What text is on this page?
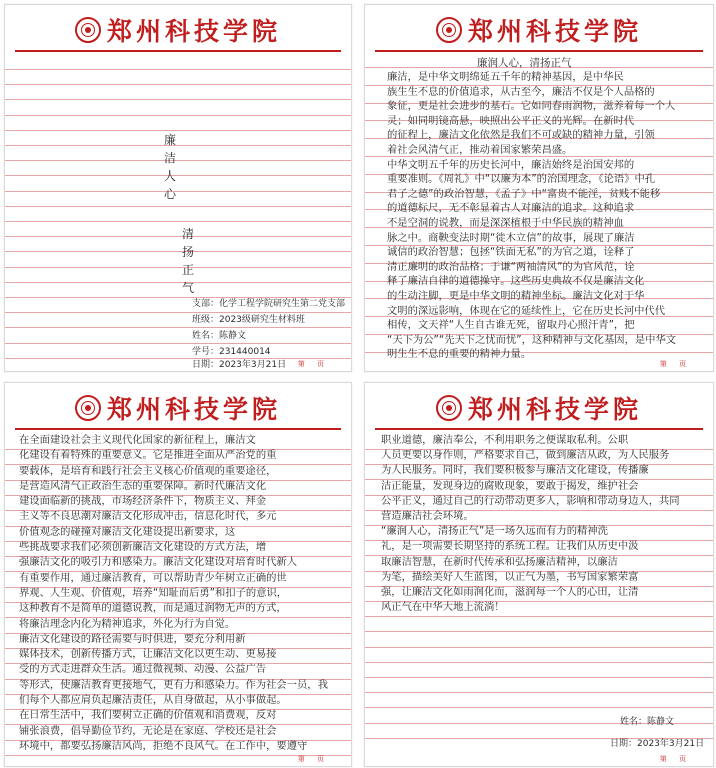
郑州科技学院
廉
洁
人
心
清
扬
正
气
支部：化学工程学院研究生第二党支部
班级：2023级研究生材料班
姓名：陈静文
学号：231440014
日期：2023年3月21日 第 页
郑州科技学院
廉润人心，清扬正气
廉洁，是中华文明绵延五千年的精神基因，是中华民
族生生不息的价值追求，从古至今，廉洁不仅是个人品格的
象征，更是社会进步的基石。它如同春雨润物，滋养着每一个人
灵；如同明镜高悬，映照出公平正义的光辉。在新时代
的征程上，廉洁文化依然是我们不可或缺的精神力量，引领
着社会风清气正，推动着国家繁荣昌盛。
中华文明五千年的历史长河中，廉洁始终是治国安邦的
重要准则。《周礼》中“以廉为本”的治国理念，《论语》中孔
君子之德”的政治智慧，《孟子》中“富贵不能淫，贫贱不能移
的道德标尺，无不彰显着古人对廉洁的追求。这种追求
不是空洞的说教，而是深深植根于中华民族的精神血
脉之中。商鞅变法时期“徙木立信”的故事，展现了廉洁
诚信的政治智慧；包拯“铁面无私”的为官之道，诠释了
清正廉明的政治品格；于谦“两袖清风”的为官风范，诠
释了廉洁自律的道德操守。这些历史典故不仅是廉洁文化
的生动注脚，更是中华文明的精神坐标。廉洁文化对于华
文明的深远影响，体现在它的延续性上，它在历史长河中代代
相传，文天祥“人生自古谁无死，留取丹心照汗青”，把
“天下为公”“先天下之忧而忧”，这种精神与文化基因，是中华文
明生生不息的重要的精神力量。
第 页
郑州科技学院
在全面建设社会主义现代化国家的新征程上，廉洁文
化建设有着特殊的重要意义。它是推进全面从严治党的重
要载体，是培育和践行社会主义核心价值观的重要途径，
是营造风清气正政治生态的重要保障。新时代廉洁文化
建设面临新的挑战，市场经济条件下，物质主义、拜金
主义等不良思潮对廉洁文化形成冲击，信息化时代，多元
价值观念的碰撞对廉洁文化建设提出新要求，这
些挑战要求我们必须创新廉洁文化建设的方式方法，增
强廉洁文化的吸引力和感染力。廉洁文化建设对培育时代新人
有重要作用，通过廉洁教育，可以帮助青少年树立正确的世
界观、人生观、价值观，培养“知耻而后勇”和扣子的意识，
这种教育不是简单的道德说教，而是通过润物无声的方式，
将廉洁理念内化为精神追求，外化为行为自觉。
廉洁文化建设的路径需要与时俱进，要充分利用新
媒体技术，创新传播方式，让廉洁文化以更生动、更易接
受的方式走进群众生活。通过微视频、动漫、公益广告
等形式，使廉洁教育更接地气，更有力和感染力。作为社会一员，我
们每个人都应肩负起廉洁责任，从自身做起，从小事做起。
在日常生活中，我们要树立正确的价值观和消费观，反对
铺张浪费，倡导勤俭节约，无论是在家庭、学校还是社会
环境中，都要弘扬廉洁风尚，拒绝不良风气。在工作中，要遵守
第 页
郑州科技学院
职业道德，廉洁奉公，不利用职务之便谋取私利。公职
人员更要以身作则，严格要求自己，做到廉洁从政，为人民服务
为人民服务。同时，我们要积极参与廉洁文化建设，传播廉
洁正能量，发现身边的腐败现象，要敢于揭发，维护社会
公平正义，通过自己的行动带动更多人，影响和带动身边人，共同
营造廉洁社会环境。
“廉润人心，清扬正气”是一场久远而有力的精神洗
礼，是一项需要长期坚持的系统工程。让我们从历史中汲
取廉洁智慧，在新时代传承和弘扬廉洁精神，以廉洁
为笔，描绘美好人生蓝图，以正气为墨，书写国家繁荣富
强，让廉洁文化如雨润化而，滋润每一个人的心田，让清
风正气在中华大地上流淌！
姓名：陈静文
日期：2023年3月21日
第 页
